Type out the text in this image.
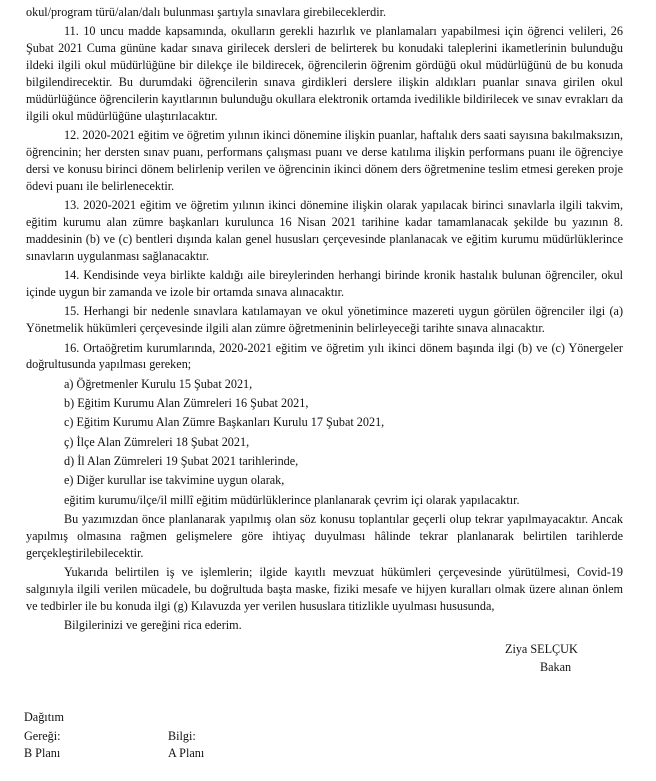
okul/program türü/alan/dalı bulunması şartıyla sınavlara girebileceklerdir.

11. 10 uncu madde kapsamında, okulların gerekli hazırlık ve planlamaları yapabilmesi için öğrenci velileri, 26 Şubat 2021 Cuma gününe kadar sınava girilecek dersleri de belirterek bu konudaki taleplerini ikametlerinin bulunduğu ildeki ilgili okul müdürlüğüne bir dilekçe ile bildirecek, öğrencilerin öğrenim gördüğü okul müdürlüğünü de bu konuda bilgilendirecektir. Bu durumdaki öğrencilerin sınava girdikleri derslere ilişkin aldıkları puanlar sınava girilen okul müdürlüğünce öğrencilerin kayıtlarının bulunduğu okullara elektronik ortamda ivedilikle bildirilecek ve sınav evrakları da ilgili okul müdürlüğüne ulaştırılacaktır.

12. 2020-2021 eğitim ve öğretim yılının ikinci dönemine ilişkin puanlar, haftalık ders saati sayısına bakılmaksızın, öğrencinin; her dersten sınav puanı, performans çalışması puanı ve derse katılıma ilişkin performans puanı ile öğrenciye dersi ve konusu birinci dönem belirlenip verilen ve öğrencinin ikinci dönem ders öğretmenine teslim etmesi gereken proje ödevi puanı ile belirlenecektir.

13. 2020-2021 eğitim ve öğretim yılının ikinci dönemine ilişkin olarak yapılacak birinci sınavlarla ilgili takvim, eğitim kurumu alan zümre başkanları kurulunca 16 Nisan 2021 tarihine kadar tamamlanacak şekilde bu yazının 8. maddesinin (b) ve (c) bentleri dışında kalan genel hususları çerçevesinde planlanacak ve eğitim kurumu müdürlüklerince sınavların uygulanması sağlanacaktır.

14. Kendisinde veya birlikte kaldığı aile bireylerinden herhangi birinde kronik hastalık bulunan öğrenciler, okul içinde uygun bir zamanda ve izole bir ortamda sınava alınacaktır.

15. Herhangi bir nedenle sınavlara katılamayan ve okul yönetimince mazereti uygun görülen öğrenciler ilgi (a) Yönetmelik hükümleri çerçevesinde ilgili alan zümre öğretmeninin belirleyeceği tarihte sınava alınacaktır.

16. Ortaöğretim kurumlarında, 2020-2021 eğitim ve öğretim yılı ikinci dönem başında ilgi (b) ve (c) Yönergeler doğrultusunda yapılması gereken;

a) Öğretmenler Kurulu 15 Şubat 2021,
b) Eğitim Kurumu Alan Zümreleri 16 Şubat 2021,
c) Eğitim Kurumu Alan Zümre Başkanları Kurulu 17 Şubat 2021,
ç) İlçe Alan Zümreleri 18 Şubat 2021,
d) İl Alan Zümreleri 19 Şubat 2021 tarihlerinde,
e) Diğer kurullar ise takvimine uygun olarak,
eğitim kurumu/ilçe/il millî eğitim müdürlüklerince planlanarak çevrim içi olarak yapılacaktır.

Bu yazımızdan önce planlanarak yapılmış olan söz konusu toplantılar geçerli olup tekrar yapılmayacaktır. Ancak yapılmış olmasına rağmen gelişmelere göre ihtiyaç duyulması hâlinde tekrar planlanarak belirtilen tarihlerde gerçekleştirilebilecektir.

Yukarıda belirtilen iş ve işlemlerin; ilgide kayıtlı mevzuat hükümleri çerçevesinde yürütülmesi, Covid-19 salgınıyla ilgili verilen mücadele, bu doğrultuda başta maske, fiziki mesafe ve hijyen kuralları olmak üzere alınan önlem ve tedbirler ile bu konuda ilgi (g) Kılavuzda yer verilen hususlara titizlikle uyulması hususunda,

Bilgilerinizi ve gereğini rica ederim.
Ziya SELÇUK
Bakan
Dağıtım
Gereği:
B Planı
Bilgi:
A Planı
